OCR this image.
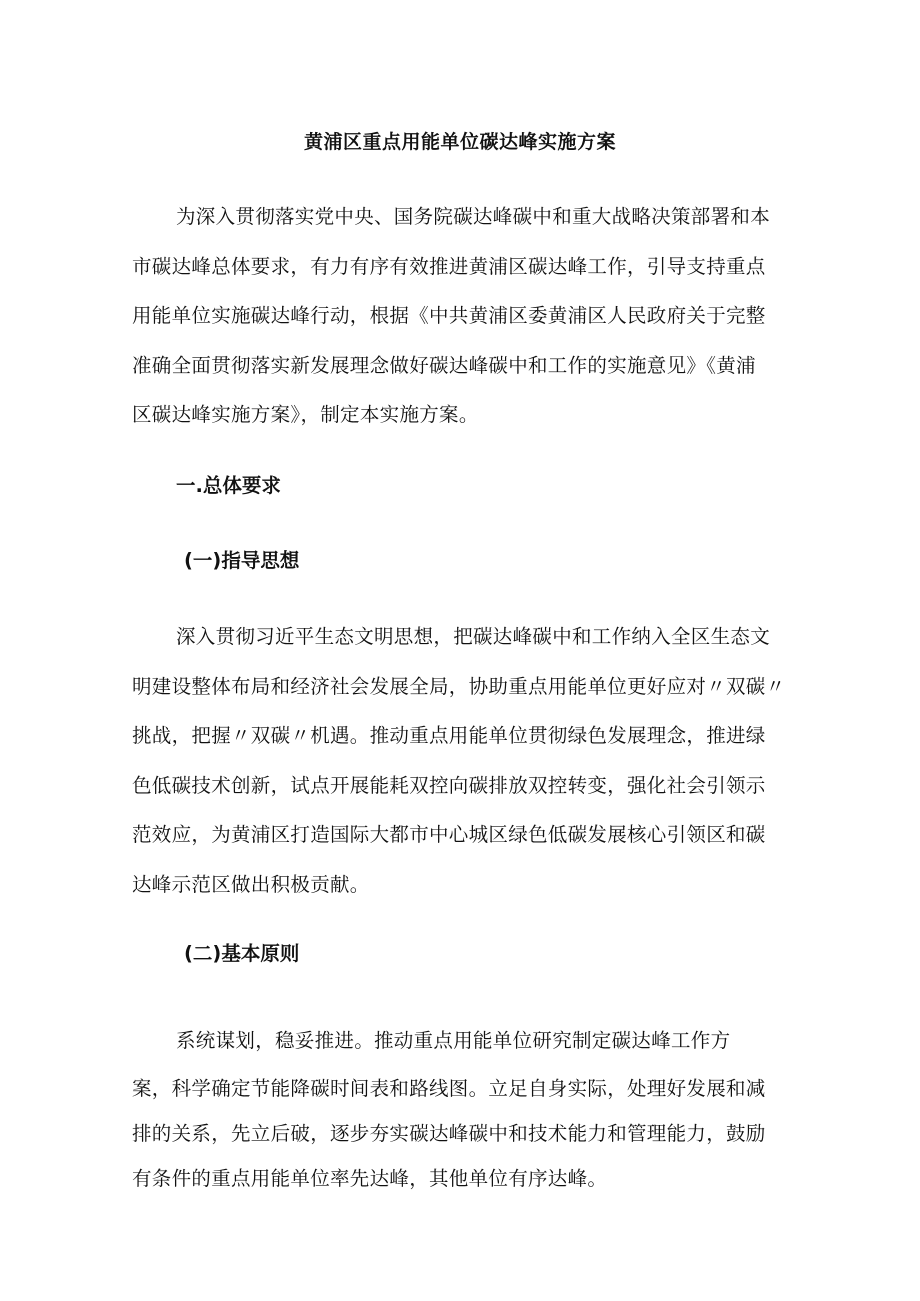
黄浦区重点用能单位碳达峰实施方案
为深入贯彻落实党中央、国务院碳达峰碳中和重大战略决策部署和本
市碳达峰总体要求，有力有序有效推进黄浦区碳达峰工作，引导支持重点
用能单位实施碳达峰行动，根据《中共黄浦区委黄浦区人民政府关于完整
准确全面贯彻落实新发展理念做好碳达峰碳中和工作的实施意见》《黄浦
区碳达峰实施方案》，制定本实施方案。
一.总体要求
(一)指导思想
深入贯彻习近平生态文明思想，把碳达峰碳中和工作纳入全区生态文
明建设整体布局和经济社会发展全局，协助重点用能单位更好应对〃双碳〃
挑战，把握〃双碳〃机遇。推动重点用能单位贯彻绿色发展理念，推进绿
色低碳技术创新，试点开展能耗双控向碳排放双控转变，强化社会引领示
范效应，为黄浦区打造国际大都市中心城区绿色低碳发展核心引领区和碳
达峰示范区做出积极贡献。
(二)基本原则
系统谋划，稳妥推进。推动重点用能单位研究制定碳达峰工作方
案，科学确定节能降碳时间表和路线图。立足自身实际，处理好发展和减
排的关系，先立后破，逐步夯实碳达峰碳中和技术能力和管理能力，鼓励
有条件的重点用能单位率先达峰，其他单位有序达峰。
